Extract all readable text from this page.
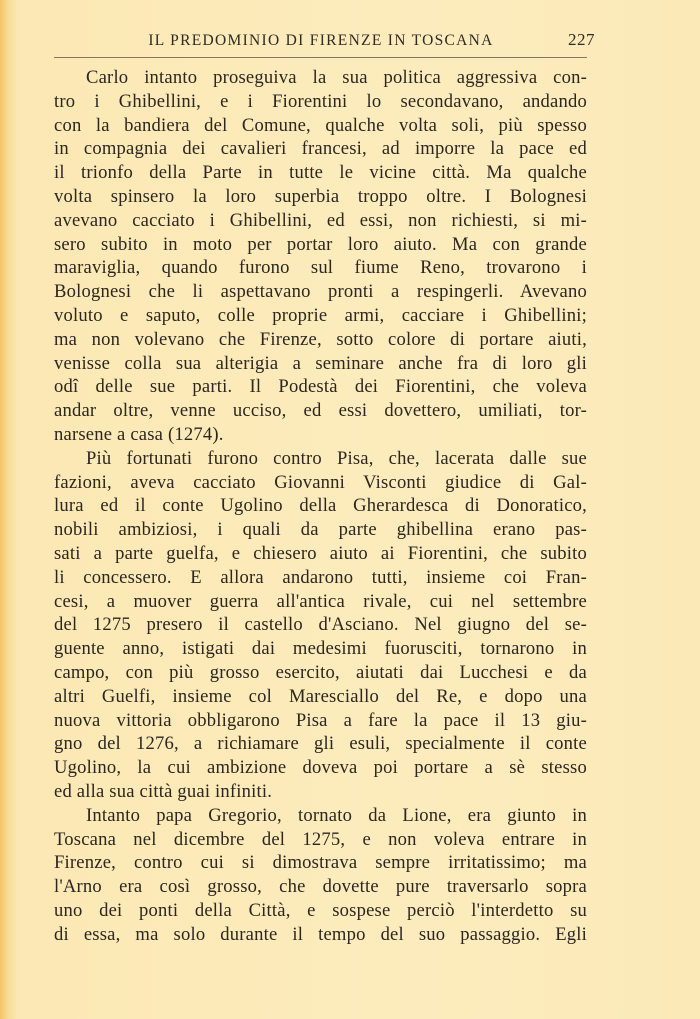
IL PREDOMINIO DI FIRENZE IN TOSCANA	227
Carlo intanto proseguiva la sua politica aggressiva con-
tro i Ghibellini, e i Fiorentini lo secondavano, andando
con la bandiera del Comune, qualche volta soli, più spesso
in compagnia dei cavalieri francesi, ad imporre la pace ed
il trionfo della Parte in tutte le vicine città. Ma qualche
volta spinsero la loro superbia troppo oltre. I Bolognesi
avevano cacciato i Ghibellini, ed essi, non richiesti, si mi-
sero subito in moto per portar loro aiuto. Ma con grande
maraviglia, quando furono sul fiume Reno, trovarono i
Bolognesi che li aspettavano pronti a respingerli. Avevano
voluto e saputo, colle proprie armi, cacciare i Ghibellini;
ma non volevano che Firenze, sotto colore di portare aiuti,
venisse colla sua alterigia a seminare anche fra di loro gli
odî delle sue parti. Il Podestà dei Fiorentini, che voleva
andar oltre, venne ucciso, ed essi dovettero, umiliati, tor-
narsene a casa (1274).
Più fortunati furono contro Pisa, che, lacerata dalle sue
fazioni, aveva cacciato Giovanni Visconti giudice di Gal-
lura ed il conte Ugolino della Gherardesca di Donoratico,
nobili ambiziosi, i quali da parte ghibellina erano pas-
sati a parte guelfa, e chiesero aiuto ai Fiorentini, che subito
li concessero. E allora andarono tutti, insieme coi Fran-
cesi, a muover guerra all'antica rivale, cui nel settembre
del 1275 presero il castello d'Asciano. Nel giugno del se-
guente anno, istigati dai medesimi fuorusciti, tornarono in
campo, con più grosso esercito, aiutati dai Lucchesi e da
altri Guelfi, insieme col Maresciallo del Re, e dopo una
nuova vittoria obbligarono Pisa a fare la pace il 13 giu-
gno del 1276, a richiamare gli esuli, specialmente il conte
Ugolino, la cui ambizione doveva poi portare a sè stesso
ed alla sua città guai infiniti.
Intanto papa Gregorio, tornato da Lione, era giunto in
Toscana nel dicembre del 1275, e non voleva entrare in
Firenze, contro cui si dimostrava sempre irritatissimo; ma
l'Arno era così grosso, che dovette pure traversarlo sopra
uno dei ponti della Città, e sospese perciò l'interdetto su
di essa, ma solo durante il tempo del suo passaggio. Egli
